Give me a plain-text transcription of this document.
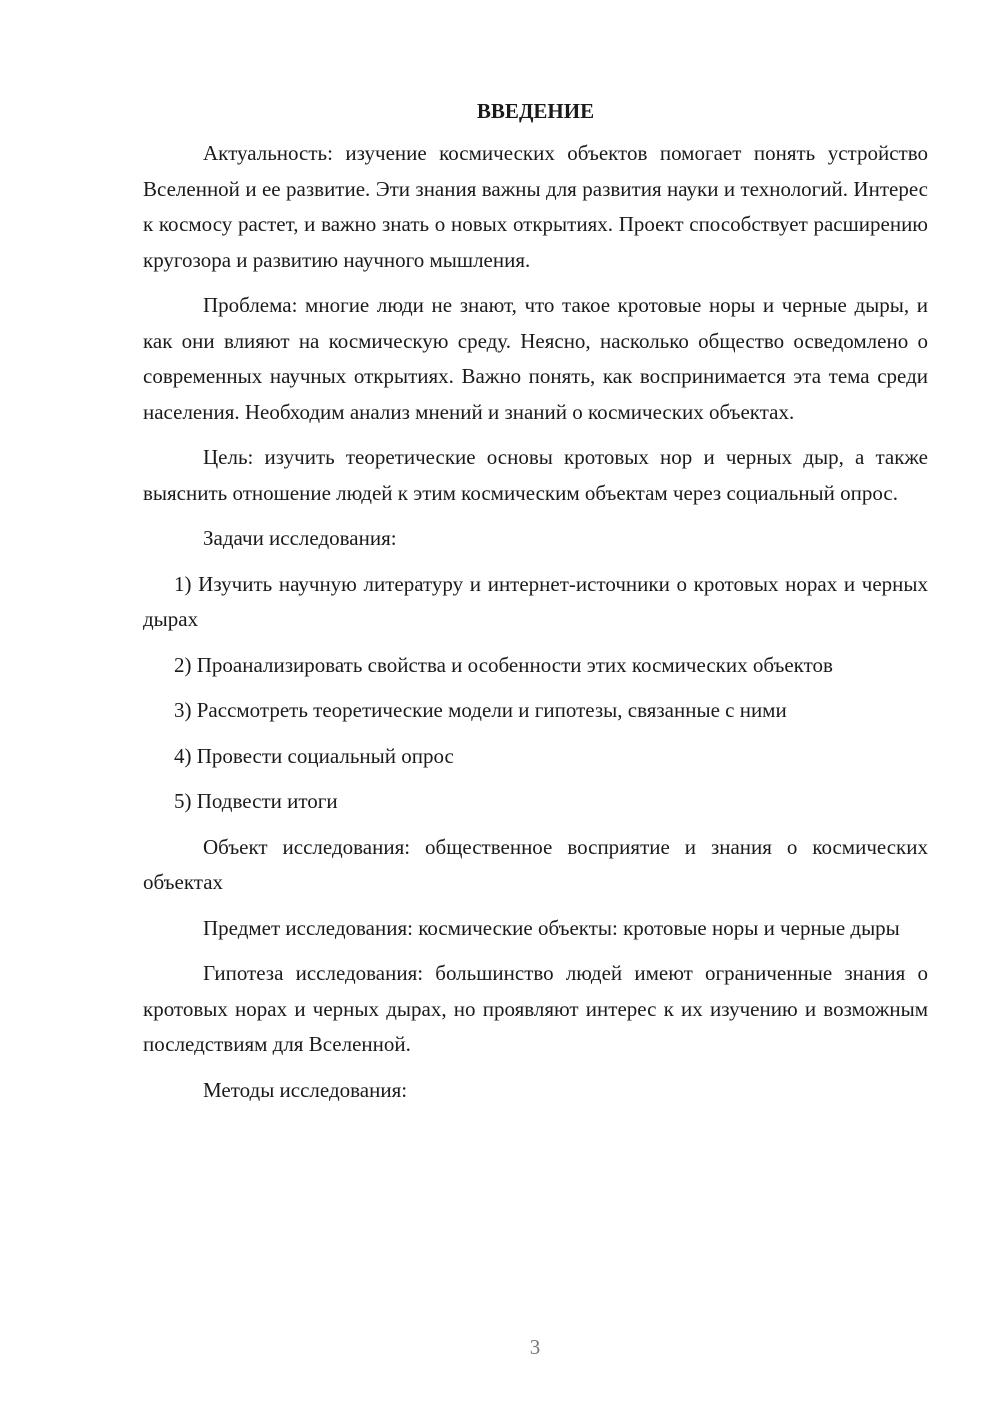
ВВЕДЕНИЕ

Актуальность: изучение космических объектов помогает понять устройство Вселенной и ее развитие. Эти знания важны для развития науки и технологий. Интерес к космосу растет, и важно знать о новых открытиях. Проект способствует расширению кругозора и развитию научного мышления.

Проблема: многие люди не знают, что такое кротовые норы и черные дыры, и как они влияют на космическую среду. Неясно, насколько общество осведомлено о современных научных открытиях. Важно понять, как воспринимается эта тема среди населения. Необходим анализ мнений и знаний о космических объектах.

Цель: изучить теоретические основы кротовых нор и черных дыр, а также выяснить отношение людей к этим космическим объектам через социальный опрос.

Задачи исследования:

1) Изучить научную литературу и интернет-источники о кротовых норах и черных дырах

2) Проанализировать свойства и особенности этих космических объектов

3) Рассмотреть теоретические модели и гипотезы, связанные с ними

4) Провести социальный опрос

5) Подвести итоги

Объект исследования: общественное восприятие и знания о космических объектах

Предмет исследования: космические объекты: кротовые норы и черные дыры

Гипотеза исследования: большинство людей имеют ограниченные знания о кротовых норах и черных дырах, но проявляют интерес к их изучению и возможным последствиям для Вселенной.

Методы исследования:

3
